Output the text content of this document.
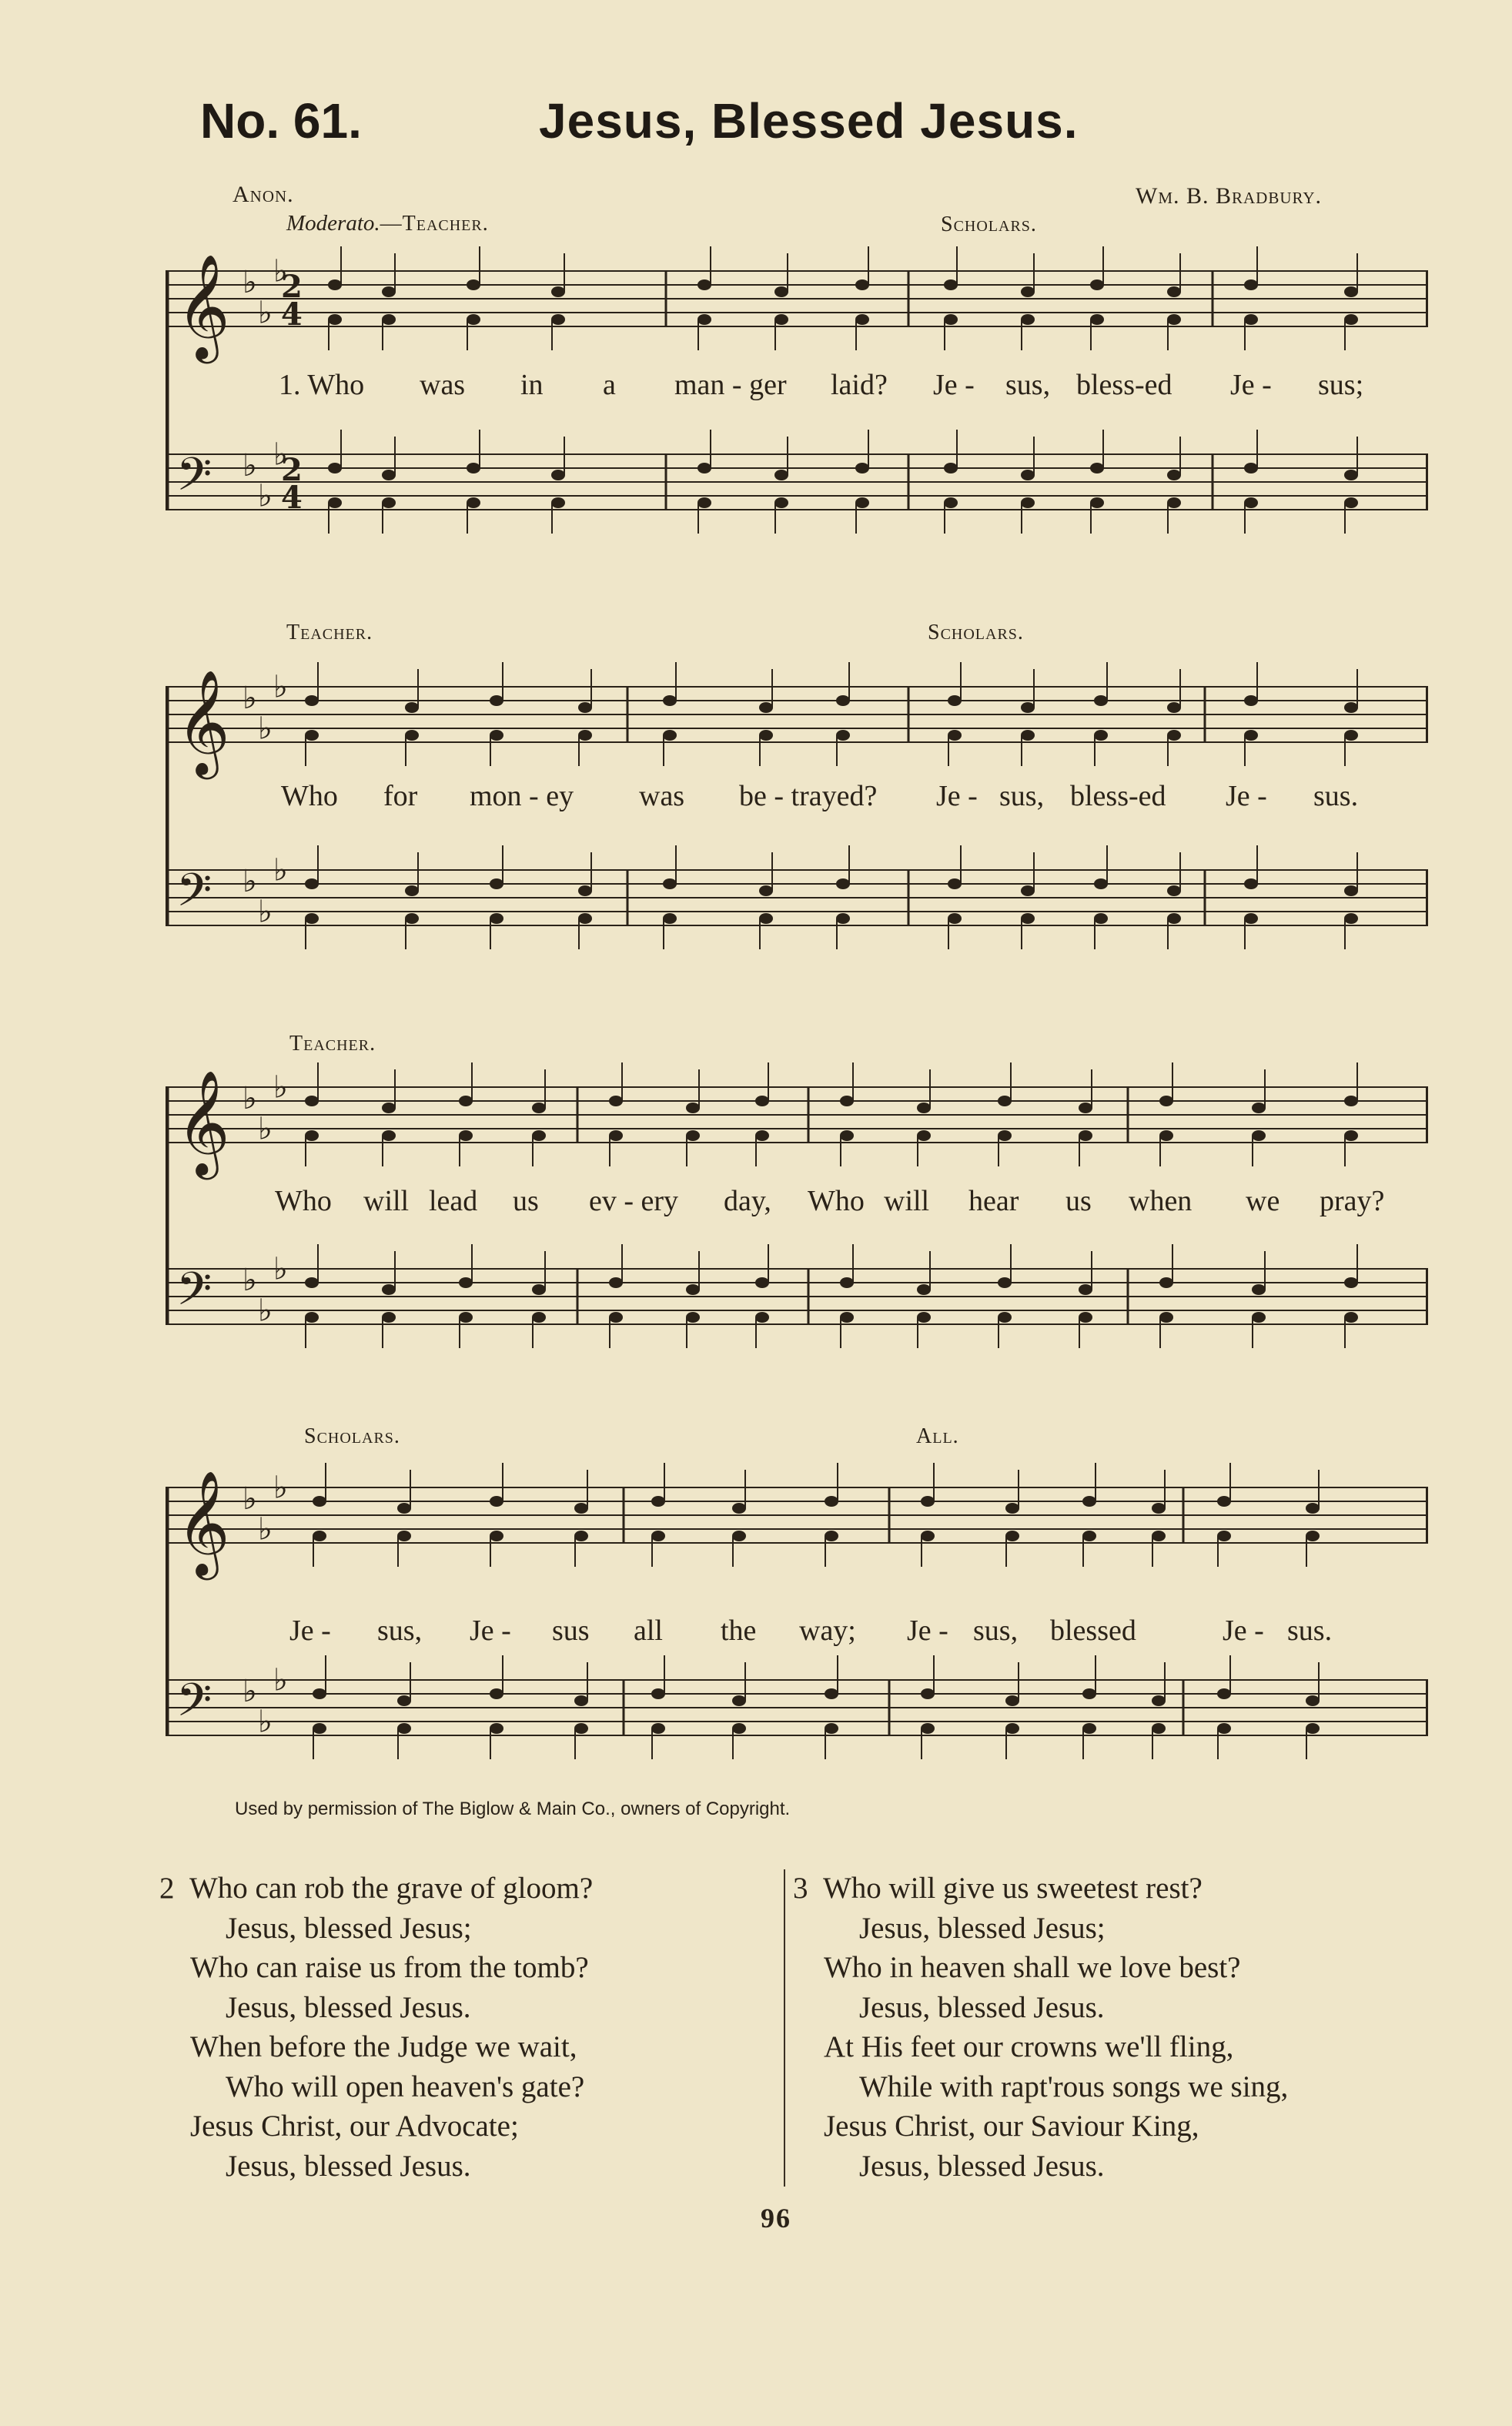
No. 61.	Jesus, Blessed Jesus.
Anon.	Wm. B. Bradbury.
Moderato.—Teacher.	Scholars.
Teacher.	Scholars.
Teacher.
Scholars.	All.
𝄞 ♭
♭
♭
2
4
𝄢 ♭
♭
♭
2
4
1. Who was in a man - ger laid? Je - sus, bless-ed Je - sus;
𝄞 ♭
♭
♭
𝄢 ♭
♭
♭
Who for mon - ey was be - trayed? Je - sus, bless-ed Je - sus.
𝄞 ♭
♭
♭
𝄢 ♭
♭
♭
Who will lead us ev - ery day, Who will hear us when we pray?
𝄞 ♭
♭
♭
𝄢 ♭
♭
♭
Je - sus, Je - sus all the way; Je - sus, blessed	Je - sus.
Used by permission of The Biglow & Main Co., owners of Copyright.
2 Who can rob the grave of gloom?
Jesus, blessed Jesus;
Who can raise us from the tomb?
Jesus, blessed Jesus.
When before the Judge we wait,
Who will open heaven's gate?
Jesus Christ, our Advocate;
Jesus, blessed Jesus.
3 Who will give us sweetest rest?
Jesus, blessed Jesus;
Who in heaven shall we love best?
Jesus, blessed Jesus.
At His feet our crowns we'll fling,
While with rapt'rous songs we sing,
Jesus Christ, our Saviour King,
Jesus, blessed Jesus.
96
